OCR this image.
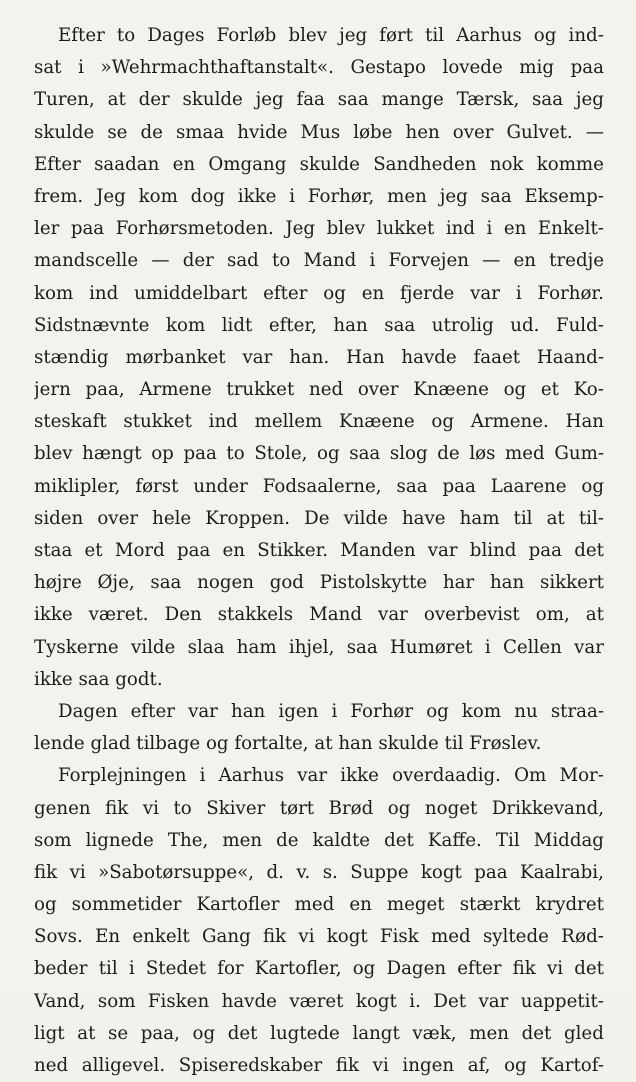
Efter to Dages Forløb blev jeg ført til Aarhus og ind-
sat i »Wehrmachthaftanstalt«. Gestapo lovede mig paa
Turen, at der skulde jeg faa saa mange Tærsk, saa jeg
skulde se de smaa hvide Mus løbe hen over Gulvet. —
Efter saadan en Omgang skulde Sandheden nok komme
frem. Jeg kom dog ikke i Forhør, men jeg saa Eksemp-
ler paa Forhørsmetoden. Jeg blev lukket ind i en Enkelt-
mandscelle — der sad to Mand i Forvejen — en tredje
kom ind umiddelbart efter og en fjerde var i Forhør.
Sidstnævnte kom lidt efter, han saa utrolig ud. Fuld-
stændig mørbanket var han. Han havde faaet Haand-
jern paa, Armene trukket ned over Knæene og et Ko-
steskaft stukket ind mellem Knæene og Armene. Han
blev hængt op paa to Stole, og saa slog de løs med Gum-
miklipler, først under Fodsaalerne, saa paa Laarene og
siden over hele Kroppen. De vilde have ham til at til-
staa et Mord paa en Stikker. Manden var blind paa det
højre Øje, saa nogen god Pistolskytte har han sikkert
ikke været. Den stakkels Mand var overbevist om, at
Tyskerne vilde slaa ham ihjel, saa Humøret i Cellen var
ikke saa godt.
Dagen efter var han igen i Forhør og kom nu straa-
lende glad tilbage og fortalte, at han skulde til Frøslev.
Forplejningen i Aarhus var ikke overdaadig. Om Mor-
genen fik vi to Skiver tørt Brød og noget Drikkevand,
som lignede The, men de kaldte det Kaffe. Til Middag
fik vi »Sabotørsuppe«, d. v. s. Suppe kogt paa Kaalrabi,
og sommetider Kartofler med en meget stærkt krydret
Sovs. En enkelt Gang fik vi kogt Fisk med syltede Rød-
beder til i Stedet for Kartofler, og Dagen efter fik vi det
Vand, som Fisken havde været kogt i. Det var uappetit-
ligt at se paa, og det lugtede langt væk, men det gled
ned alligevel. Spiseredskaber fik vi ingen af, og Kartof-
